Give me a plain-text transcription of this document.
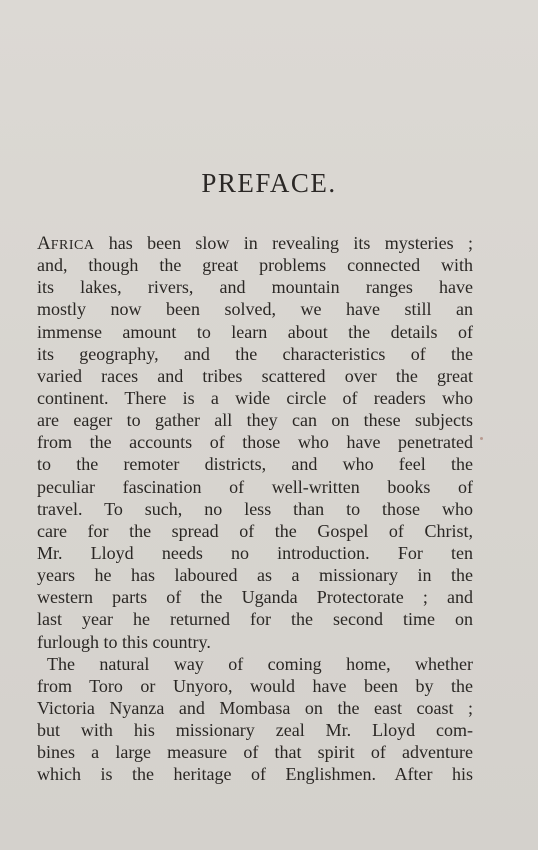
PREFACE.
AFRICA has been slow in revealing its mysteries ;
and, though the great problems connected with
its lakes, rivers, and mountain ranges have
mostly now been solved, we have still an
immense amount to learn about the details of
its geography, and the characteristics of the
varied races and tribes scattered over the great
continent. There is a wide circle of readers who
are eager to gather all they can on these subjects
from the accounts of those who have penetrated
to the remoter districts, and who feel the
peculiar fascination of well-written books of
travel. To such, no less than to those who
care for the spread of the Gospel of Christ,
Mr. Lloyd needs no introduction. For ten
years he has laboured as a missionary in the
western parts of the Uganda Protectorate ; and
last year he returned for the second time on
furlough to this country.
The natural way of coming home, whether
from Toro or Unyoro, would have been by the
Victoria Nyanza and Mombasa on the east coast ;
but with his missionary zeal Mr. Lloyd com-
bines a large measure of that spirit of adventure
which is the heritage of Englishmen. After his
